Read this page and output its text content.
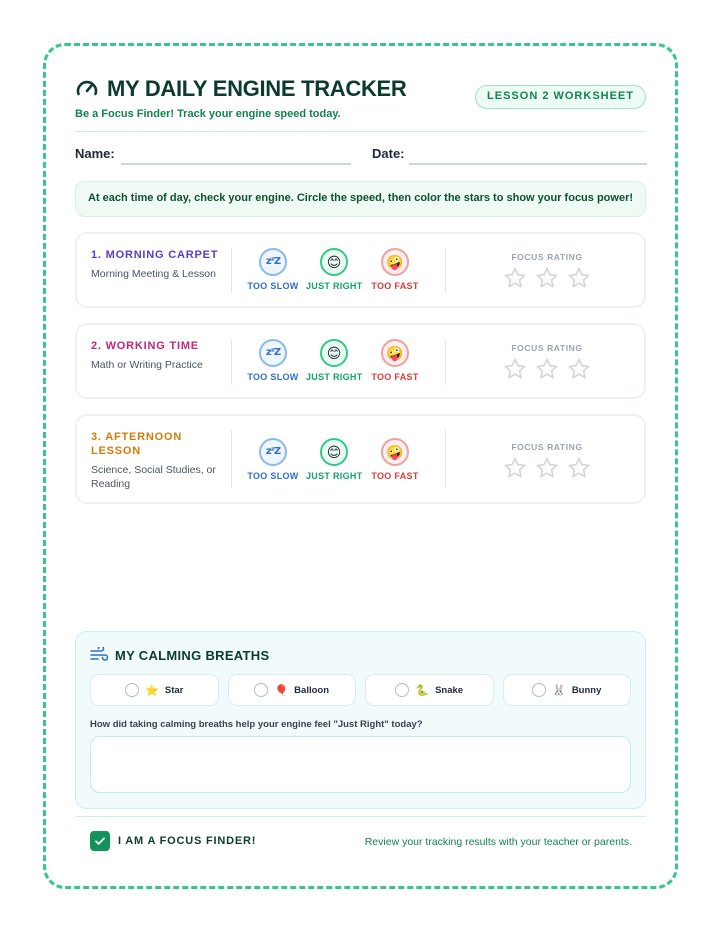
MY DAILY ENGINE TRACKER
Be a Focus Finder! Track your engine speed today.
LESSON 2 WORKSHEET
Name:	Date:
At each time of day, check your engine. Circle the speed, then color the stars to show your focus power!
1. MORNING CARPET
Morning Meeting & Lesson
zᶻZ
TOO SLOW
😊
JUST RIGHT
🤪
TOO FAST
FOCUS RATING
2. WORKING TIME
Math or Writing Practice
zᶻZ
TOO SLOW
😊
JUST RIGHT
🤪
TOO FAST
FOCUS RATING
3. AFTERNOON LESSON
Science, Social Studies, or Reading
zᶻZ
TOO SLOW
😊
JUST RIGHT
🤪
TOO FAST
FOCUS RATING
MY CALMING BREATHS
⭐ Star	🎈 Balloon	🐍 Snake	🐰 Bunny
How did taking calming breaths help your engine feel "Just Right" today?
I AM A FOCUS FINDER!	Review your tracking results with your teacher or parents.
